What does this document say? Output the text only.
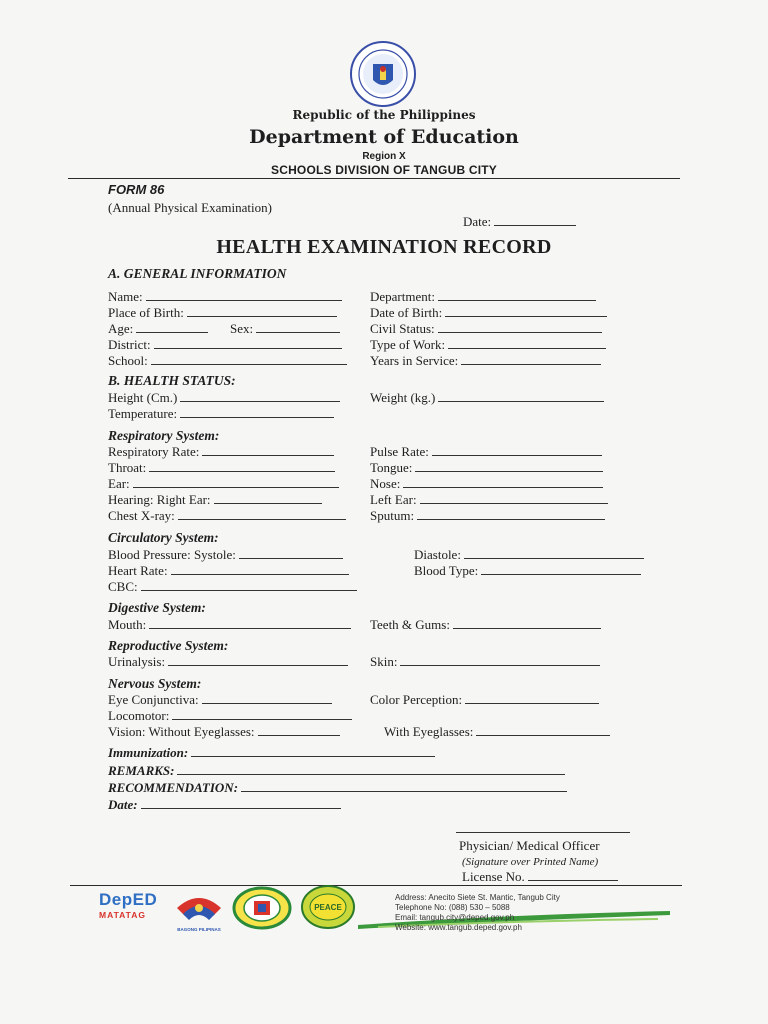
Republic of the Philippines
Department of Education
Region X
SCHOOLS DIVISION OF TANGUB CITY
FORM 86
(Annual Physical Examination)
Date:
HEALTH EXAMINATION RECORD
A. GENERAL INFORMATION
Name:	Department:
Place of Birth:	Date of Birth:
Age:	Sex:	Civil Status:
District:	Type of Work:
School:	Years in Service:
B. HEALTH STATUS:
Height (Cm.)	Weight (kg.)
Temperature:
Respiratory System:
Respiratory Rate:	Pulse Rate:
Throat:	Tongue:
Ear:	Nose:
Hearing: Right Ear:	Left Ear:
Chest X-ray:	Sputum:
Circulatory System:
Blood Pressure: Systole:	Diastole:
Heart Rate:	Blood Type:
CBC:
Digestive System:
Mouth:	Teeth & Gums:
Reproductive System:
Urinalysis:	Skin:
Nervous System:
Eye Conjunctiva:	Color Perception:
Locomotor:
Vision: Without Eyeglasses:	With Eyeglasses:
Immunization:
REMARKS:
RECOMMENDATION:
Date:
Physician/ Medical Officer
(Signature over Printed Name)
License No.
DepED
MATATAG
BAGONG PILIPINAS
PEACE
Address: Anecito Siete St. Mantic, Tangub City
Telephone No: (088) 530 – 5088
Email: tangub.city@deped.gov.ph
Website: www.tangub.deped.gov.ph
